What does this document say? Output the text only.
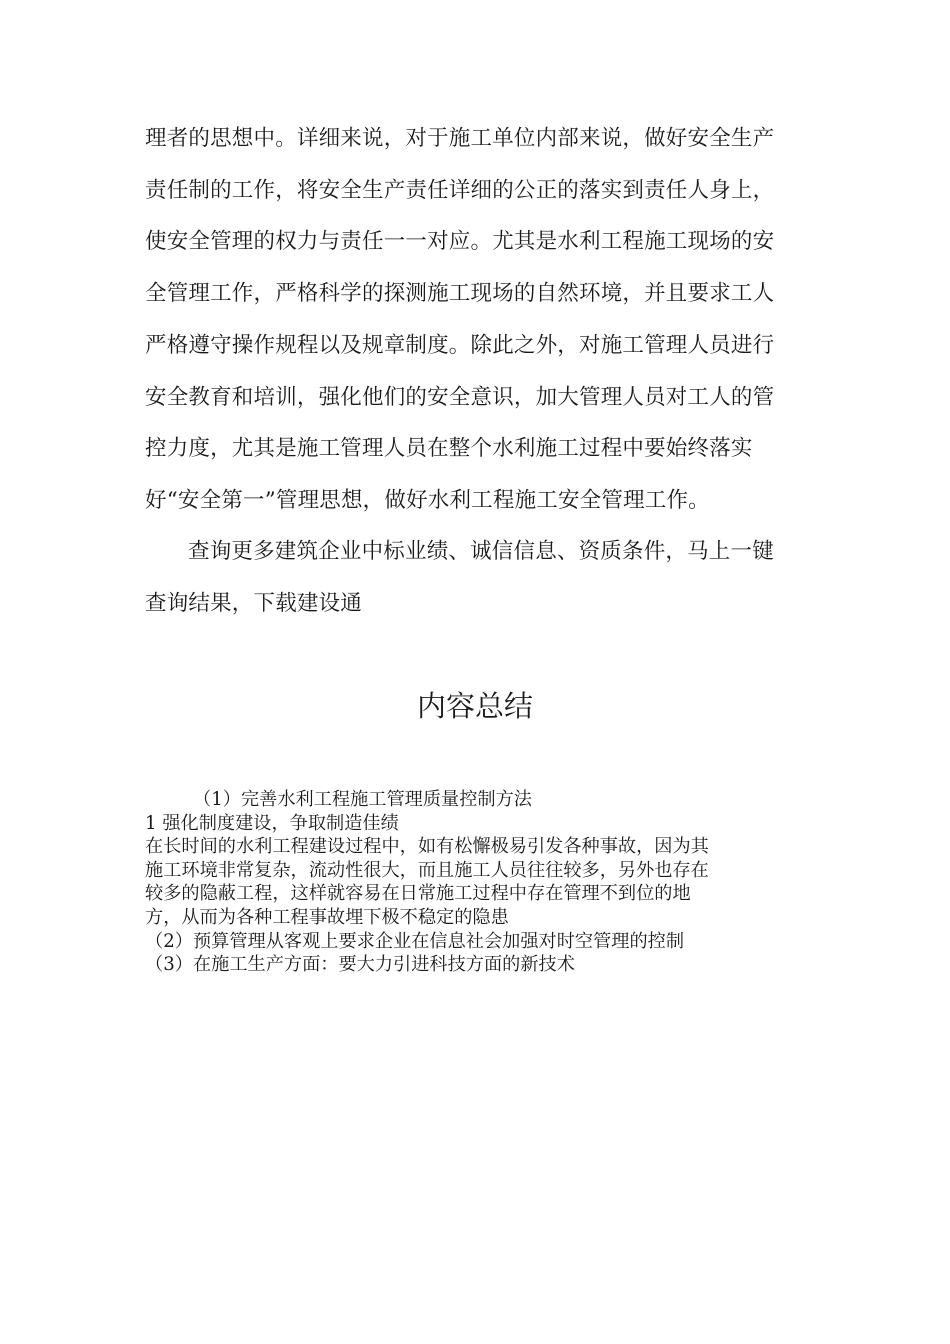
理者的思想中。详细来说，对于施工单位内部来说，做好安全生产
责任制的工作，将安全生产责任详细的公正的落实到责任人身上，
使安全管理的权力与责任一一对应。尤其是水利工程施工现场的安
全管理工作，严格科学的探测施工现场的自然环境，并且要求工人
严格遵守操作规程以及规章制度。除此之外，对施工管理人员进行
安全教育和培训，强化他们的安全意识，加大管理人员对工人的管
控力度，尤其是施工管理人员在整个水利施工过程中要始终落实
好“安全第一”管理思想，做好水利工程施工安全管理工作。
查询更多建筑企业中标业绩、诚信信息、资质条件，马上一键
查询结果，下载建设通
内容总结
（1）完善水利工程施工管理质量控制方法
1 强化制度建设，争取制造佳绩
在长时间的水利工程建设过程中，如有松懈极易引发各种事故，因为其
施工环境非常复杂，流动性很大，而且施工人员往往较多，另外也存在
较多的隐蔽工程，这样就容易在日常施工过程中存在管理不到位的地
方，从而为各种工程事故埋下极不稳定的隐患
（2）预算管理从客观上要求企业在信息社会加强对时空管理的控制
（3）在施工生产方面：要大力引进科技方面的新技术
